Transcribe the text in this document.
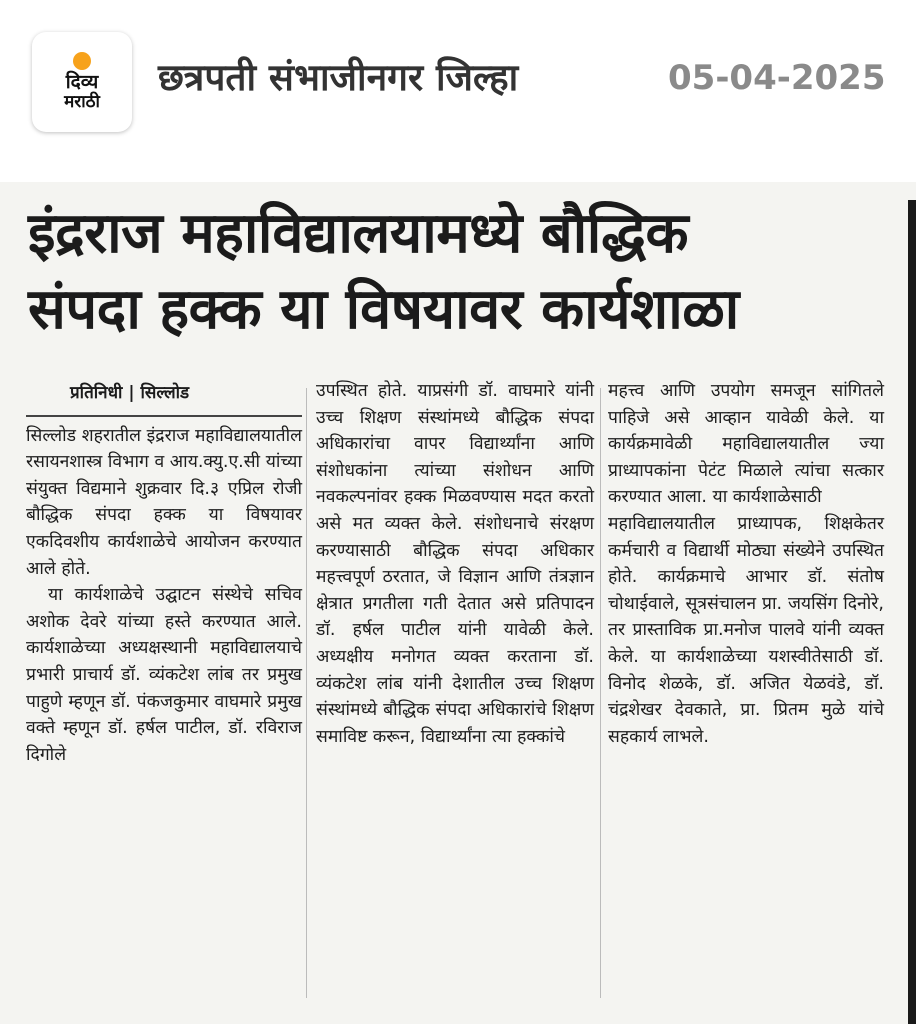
दिव्य
मराठी
छत्रपती संभाजीनगर जिल्हा	05-04-2025
इंद्रराज महाविद्यालयामध्ये बौद्धिक
संपदा हक्क या विषयावर कार्यशाळा
प्रतिनिधी | सिल्लोड

सिल्लोड शहरातील इंद्रराज महाविद्यालयातील रसायनशास्त्र विभाग व आय.क्यु.ए.सी यांच्या संयुक्त विद्यमाने शुक्रवार दि.३ एप्रिल रोजी बौद्धिक संपदा हक्क या विषयावर एकदिवशीय कार्यशाळेचे आयोजन करण्यात आले होते.

या कार्यशाळेचे उद्घाटन संस्थेचे सचिव अशोक देवरे यांच्या हस्ते करण्यात आले. कार्यशाळेच्या अध्यक्षस्थानी महाविद्यालयाचे प्रभारी प्राचार्य डॉ. व्यंकटेश लांब तर प्रमुख पाहुणे म्हणून डॉ. पंकजकुमार वाघमारे प्रमुख वक्ते म्हणून डॉ. हर्षल पाटील, डॉ. रविराज दिगोले

उपस्थित होते. याप्रसंगी डॉ. वाघमारे यांनी उच्च शिक्षण संस्थांमध्ये बौद्धिक संपदा अधिकारांचा वापर विद्यार्थ्यांना आणि संशोधकांना त्यांच्या संशोधन आणि नवकल्पनांवर हक्क मिळवण्यास मदत करतो असे मत व्यक्त केले. संशोधनाचे संरक्षण करण्यासाठी बौद्धिक संपदा अधिकार महत्त्वपूर्ण ठरतात, जे विज्ञान आणि तंत्रज्ञान क्षेत्रात प्रगतीला गती देतात असे प्रतिपादन डॉ. हर्षल पाटील यांनी यावेळी केले. अध्यक्षीय मनोगत व्यक्त करताना डॉ. व्यंकटेश लांब यांनी देशातील उच्च शिक्षण संस्थांमध्ये बौद्धिक संपदा अधिकारांचे शिक्षण समाविष्ट करून, विद्यार्थ्यांना त्या हक्कांचे

महत्त्व आणि उपयोग समजून सांगितले पाहिजे असे आव्हान यावेळी केले. या कार्यक्रमावेळी महाविद्यालयातील ज्या प्राध्यापकांना पेटंट मिळाले त्यांचा सत्कार करण्यात आला. या कार्यशाळेसाठी

महाविद्यालयातील प्राध्यापक, शिक्षकेतर कर्मचारी व विद्यार्थी मोठ्या संख्येने उपस्थित होते. कार्यक्रमाचे आभार डॉ. संतोष चोथाईवाले, सूत्रसंचालन प्रा. जयसिंग दिनोरे, तर प्रास्ताविक प्रा.मनोज पालवे यांनी व्यक्त केले. या कार्यशाळेच्या यशस्वीतेसाठी डॉ. विनोद शेळके, डॉ. अजित येळवंडे, डॉ. चंद्रशेखर देवकाते, प्रा. प्रितम मुळे यांचे सहकार्य लाभले.
